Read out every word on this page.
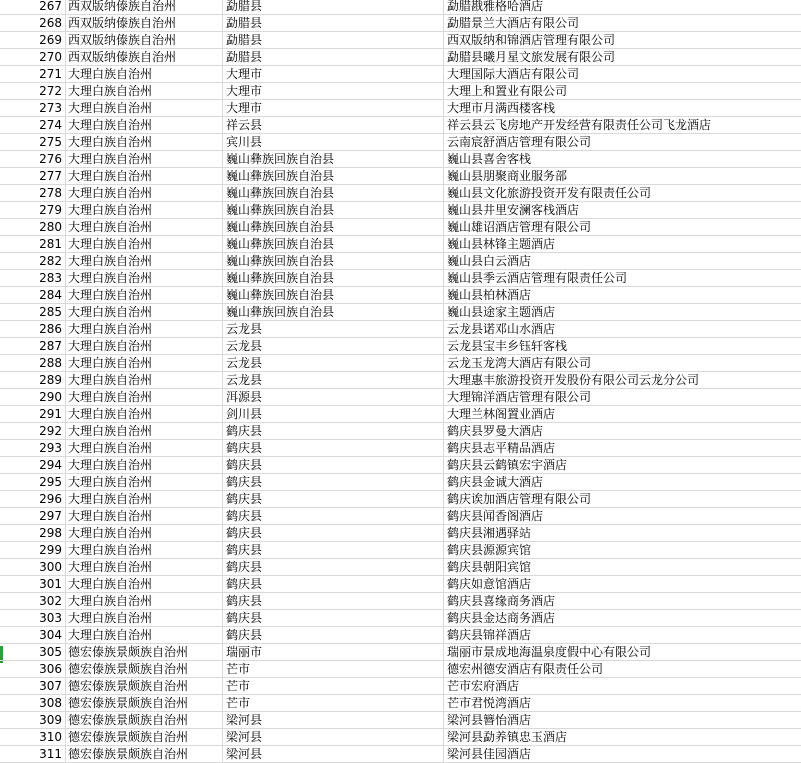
267 西双版纳傣族自治州	勐腊县	勐腊戡雅格哈酒店
268 西双版纳傣族自治州	勐腊县	勐腊景兰大酒店有限公司
269 西双版纳傣族自治州	勐腊县	西双版纳和锦酒店管理有限公司
270 西双版纳傣族自治州	勐腊县	勐腊县曦月星文旅发展有限公司
271 大理白族自治州	大理市	大理国际大酒店有限公司
272 大理白族自治州	大理市	大理上和置业有限公司
273 大理白族自治州	大理市	大理市月满西楼客栈
274 大理白族自治州	祥云县	祥云县云飞房地产开发经营有限责任公司飞龙酒店
275 大理白族自治州	宾川县	云南宸舒酒店管理有限公司
276 大理白族自治州	巍山彝族回族自治县	巍山县喜舍客栈
277 大理白族自治州	巍山彝族回族自治县	巍山县朋聚商业服务部
278 大理白族自治州	巍山彝族回族自治县	巍山县文化旅游投资开发有限责任公司
279 大理白族自治州	巍山彝族回族自治县	巍山县井里安澜客栈酒店
280 大理白族自治州	巍山彝族回族自治县	巍山雄诏酒店管理有限公司
281 大理白族自治州	巍山彝族回族自治县	巍山县林锋主题酒店
282 大理白族自治州	巍山彝族回族自治县	巍山县白云酒店
283 大理白族自治州	巍山彝族回族自治县	巍山县季云酒店管理有限责任公司
284 大理白族自治州	巍山彝族回族自治县	巍山县柏林酒店
285 大理白族自治州	巍山彝族回族自治县	巍山县途家主题酒店
286 大理白族自治州	云龙县	云龙县诺邓山水酒店
287 大理白族自治州	云龙县	云龙县宝丰乡钰轩客栈
288 大理白族自治州	云龙县	云龙玉龙湾大酒店有限公司
289 大理白族自治州	云龙县	大理惠丰旅游投资开发股份有限公司云龙分公司
290 大理白族自治州	洱源县	大理锦洋酒店管理有限公司
291 大理白族自治州	剑川县	大理兰林阁置业酒店
292 大理白族自治州	鹤庆县	鹤庆县罗曼大酒店
293 大理白族自治州	鹤庆县	鹤庆县志平精品酒店
294 大理白族自治州	鹤庆县	鹤庆县云鹤镇宏宇酒店
295 大理白族自治州	鹤庆县	鹤庆县金诚大酒店
296 大理白族自治州	鹤庆县	鹤庆诶加酒店管理有限公司
297 大理白族自治州	鹤庆县	鹤庆县闻香阁酒店
298 大理白族自治州	鹤庆县	鹤庆县湘遇驿站
299 大理白族自治州	鹤庆县	鹤庆县源源宾馆
300 大理白族自治州	鹤庆县	鹤庆县朝阳宾馆
301 大理白族自治州	鹤庆县	鹤庆如意馆酒店
302 大理白族自治州	鹤庆县	鹤庆县喜缘商务酒店
303 大理白族自治州	鹤庆县	鹤庆县金达商务酒店
304 大理白族自治州	鹤庆县	鹤庆县锦祥酒店
305 德宏傣族景颇族自治州	瑞丽市	瑞丽市景成地海温泉度假中心有限公司
306 德宏傣族景颇族自治州	芒市	德宏州德安酒店有限责任公司
307 德宏傣族景颇族自治州	芒市	芒市宏府酒店
308 德宏傣族景颇族自治州	芒市	芒市君悦湾酒店
309 德宏傣族景颇族自治州	梁河县	梁河县簪怡酒店
310 德宏傣族景颇族自治州	梁河县	梁河县勐养镇忠玉酒店
311 德宏傣族景颇族自治州	梁河县	梁河县佳园酒店
